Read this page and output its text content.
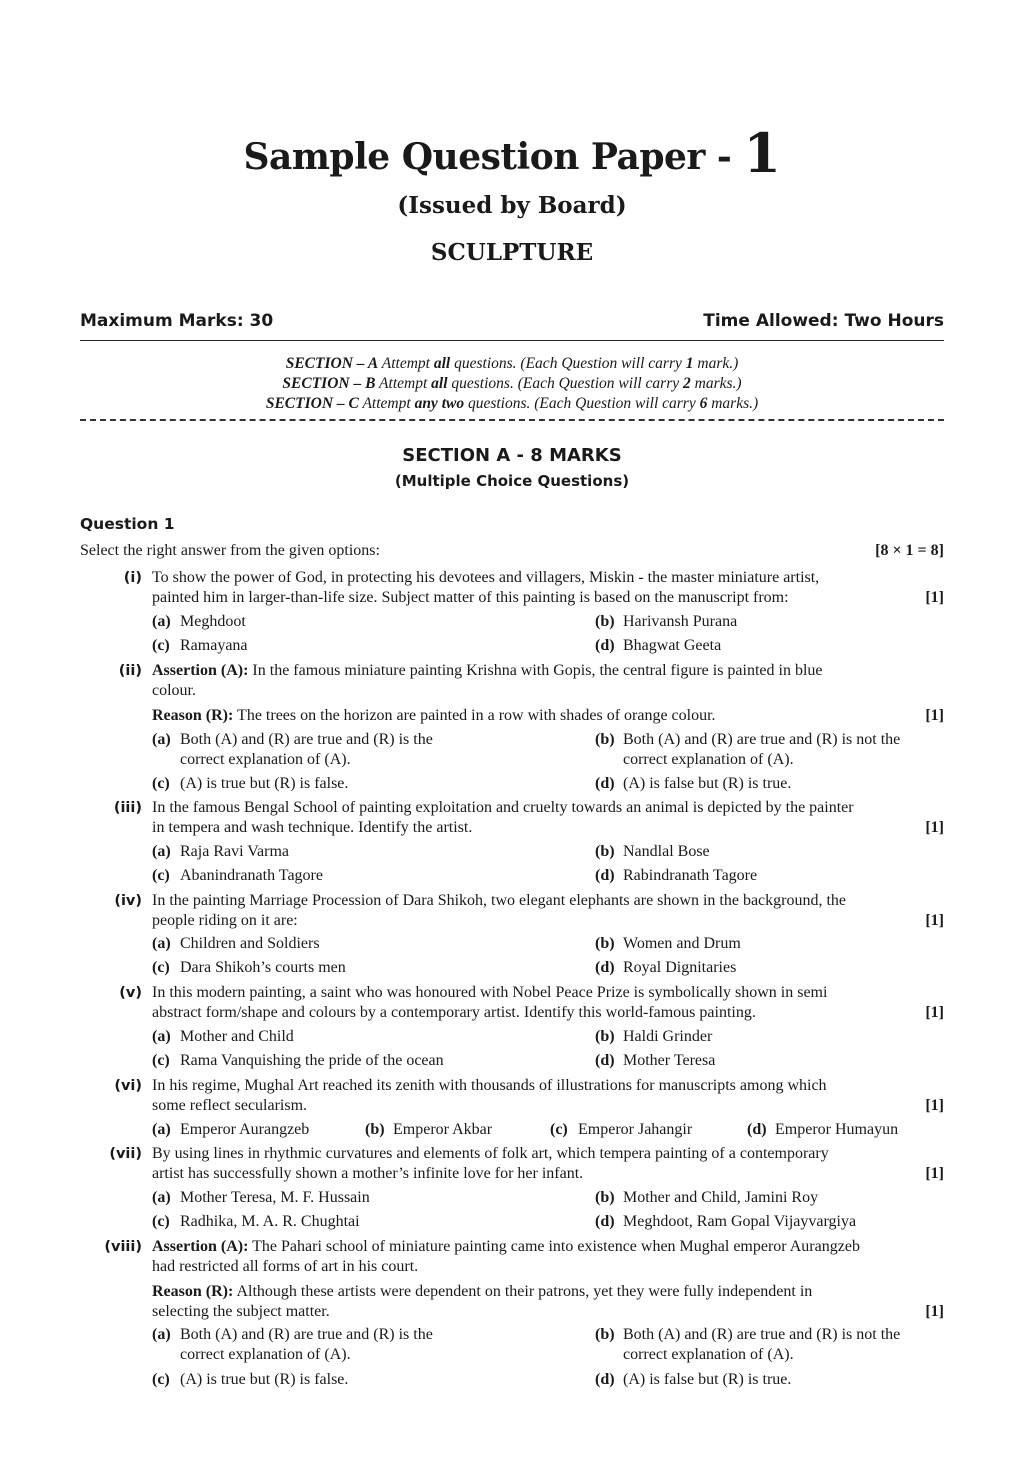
Sample Question Paper - 1
(Issued by Board)
SCULPTURE
Maximum Marks: 30	Time Allowed: Two Hours
SECTION – A Attempt all questions. (Each Question will carry 1 mark.)
SECTION – B Attempt all questions. (Each Question will carry 2 marks.)
SECTION – C Attempt any two questions. (Each Question will carry 6 marks.)
SECTION A - 8 MARKS
(Multiple Choice Questions)
Question 1
Select the right answer from the given options:	[8 × 1 = 8]
(i) To show the power of God, in protecting his devotees and villagers, Miskin - the master miniature artist,
painted him in larger-than-life size. Subject matter of this painting is based on the manuscript from:	[1]
(a) Meghdoot	(b) Harivansh Purana
(c) Ramayana	(d) Bhagwat Geeta
(ii) Assertion (A): In the famous miniature painting Krishna with Gopis, the central figure is painted in blue
colour.
Reason (R): The trees on the horizon are painted in a row with shades of orange colour.	[1]
(a) Both (A) and (R) are true and (R) is the
correct explanation of (A).
(b) Both (A) and (R) are true and (R) is not the
correct explanation of (A).
(c) (A) is true but (R) is false.	(d) (A) is false but (R) is true.
(iii) In the famous Bengal School of painting exploitation and cruelty towards an animal is depicted by the painter
in tempera and wash technique. Identify the artist.	[1]
(a) Raja Ravi Varma	(b) Nandlal Bose
(c) Abanindranath Tagore	(d) Rabindranath Tagore
(iv) In the painting Marriage Procession of Dara Shikoh, two elegant elephants are shown in the background, the
people riding on it are:	[1]
(a) Children and Soldiers	(b) Women and Drum
(c) Dara Shikoh’s courts men	(d) Royal Dignitaries
(v) In this modern painting, a saint who was honoured with Nobel Peace Prize is symbolically shown in semi
abstract form/shape and colours by a contemporary artist. Identify this world-famous painting.	[1]
(a) Mother and Child	(b) Haldi Grinder
(c) Rama Vanquishing the pride of the ocean	(d) Mother Teresa
(vi) In his regime, Mughal Art reached its zenith with thousands of illustrations for manuscripts among which
some reflect secularism.	[1]
(a) Emperor Aurangzeb	(b) Emperor Akbar	(c) Emperor Jahangir	(d) Emperor Humayun
(vii) By using lines in rhythmic curvatures and elements of folk art, which tempera painting of a contemporary
artist has successfully shown a mother’s infinite love for her infant.	[1]
(a) Mother Teresa, M. F. Hussain	(b) Mother and Child, Jamini Roy
(c) Radhika, M. A. R. Chughtai	(d) Meghdoot, Ram Gopal Vijayvargiya
(viii) Assertion (A): The Pahari school of miniature painting came into existence when Mughal emperor Aurangzeb
had restricted all forms of art in his court.
Reason (R): Although these artists were dependent on their patrons, yet they were fully independent in
selecting the subject matter.	[1]
(a) Both (A) and (R) are true and (R) is the
correct explanation of (A).
(b) Both (A) and (R) are true and (R) is not the
correct explanation of (A).
(c) (A) is true but (R) is false.	(d) (A) is false but (R) is true.
